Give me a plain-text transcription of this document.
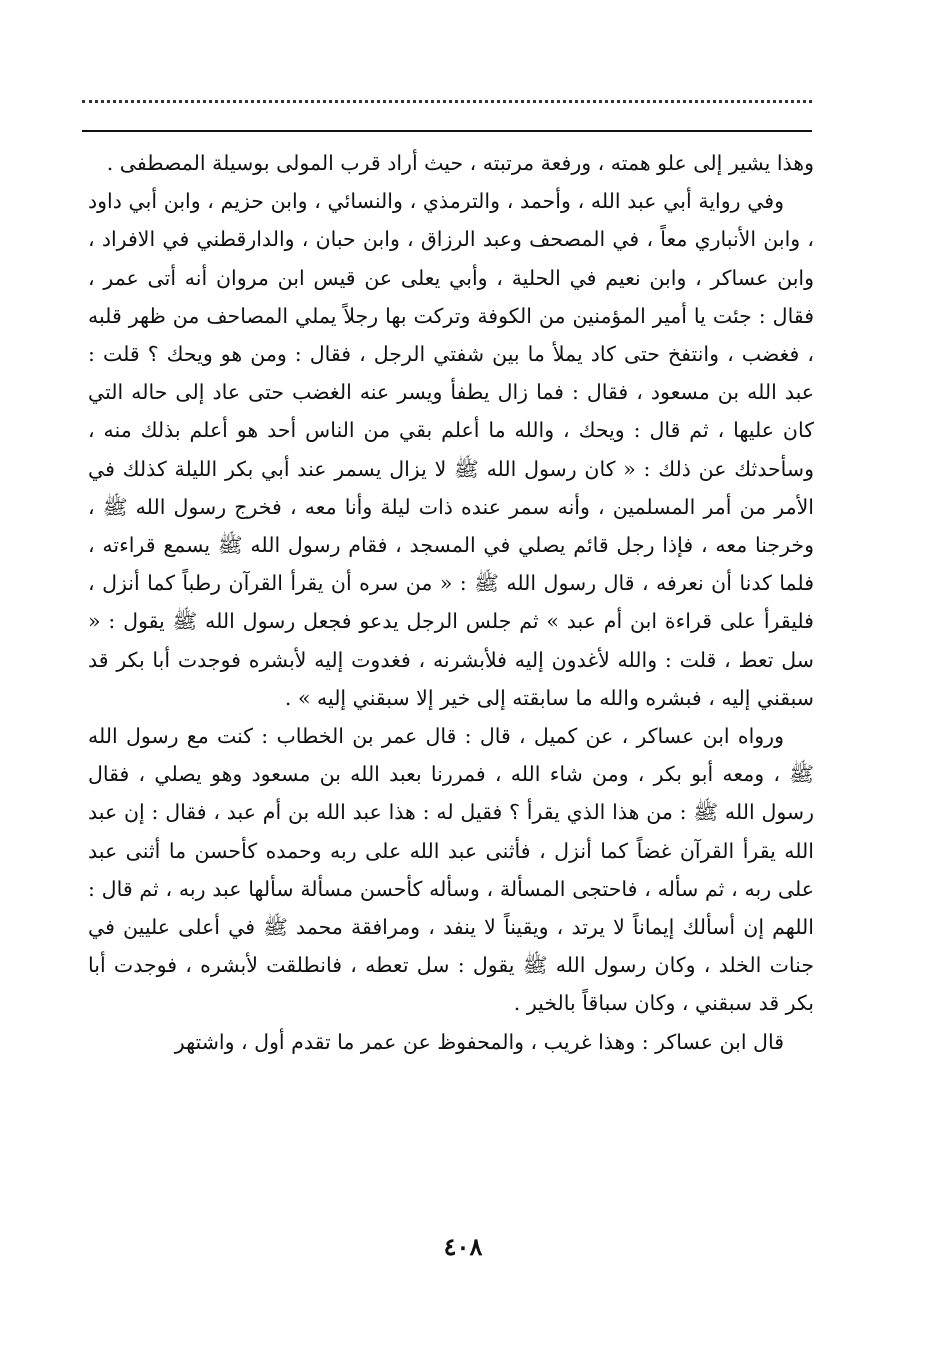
وهذا يشير إلى علو همته ، ورفعة مرتبته ، حيث أراد قرب المولى بوسيلة المصطفى .

وفي رواية أبي عبد الله ، وأحمد ، والترمذي ، والنسائي ، وابن حزيم ، وابن أبي داود ، وابن الأنباري معاً ، في المصحف وعبد الرزاق ، وابن حبان ، والدارقطني في الافراد ، وابن عساكر ، وابن نعيم في الحلية ، وأبي يعلى عن قيس ابن مروان أنه أتى عمر ، فقال : جئت يا أمير المؤمنين من الكوفة وتركت بها رجلاً يملي المصاحف من ظهر قلبه ، فغضب ، وانتفخ حتى كاد يملأ ما بين شفتي الرجل ، فقال : ومن هو ويحك ؟ قلت : عبد الله بن مسعود ، فقال : فما زال يطفأ ويسر عنه الغضب حتى عاد إلى حاله التي كان عليها ، ثم قال : ويحك ، والله ما أعلم بقي من الناس أحد هو أعلم بذلك منه ، وسأحدثك عن ذلك : « كان رسول الله ﷺ لا يزال يسمر عند أبي بكر الليلة كذلك في الأمر من أمر المسلمين ، وأنه سمر عنده ذات ليلة وأنا معه ، فخرج رسول الله ﷺ ، وخرجنا معه ، فإذا رجل قائم يصلي في المسجد ، فقام رسول الله ﷺ يسمع قراءته ، فلما كدنا أن نعرفه ، قال رسول الله ﷺ : « من سره أن يقرأ القرآن رطباً كما أنزل ، فليقرأ على قراءة ابن أم عبد » ثم جلس الرجل يدعو فجعل رسول الله ﷺ يقول : « سل تعط ، قلت : والله لأغدون إليه فلأبشرنه ، فغدوت إليه لأبشره فوجدت أبا بكر قد سبقني إليه ، فبشره والله ما سابقته إلى خير إلا سبقني إليه » .

ورواه ابن عساكر ، عن كميل ، قال : قال عمر بن الخطاب : كنت مع رسول الله ﷺ ، ومعه أبو بكر ، ومن شاء الله ، فمررنا بعبد الله بن مسعود وهو يصلي ، فقال رسول الله ﷺ : من هذا الذي يقرأ ؟ فقيل له : هذا عبد الله بن أم عبد ، فقال : إن عبد الله يقرأ القرآن غضاً كما أنزل ، فأثنى عبد الله على ربه وحمده كأحسن ما أثنى عبد على ربه ، ثم سأله ، فاحتجى المسألة ، وسأله كأحسن مسألة سألها عبد ربه ، ثم قال : اللهم إن أسألك إيماناً لا يرتد ، ويقيناً لا ينفد ، ومرافقة محمد ﷺ في أعلى عليين في جنات الخلد ، وكان رسول الله ﷺ يقول : سل تعطه ، فانطلقت لأبشره ، فوجدت أبا بكر قد سبقني ، وكان سباقاً بالخير .

قال ابن عساكر : وهذا غريب ، والمحفوظ عن عمر ما تقدم أول ، واشتهر

٤٠٨
